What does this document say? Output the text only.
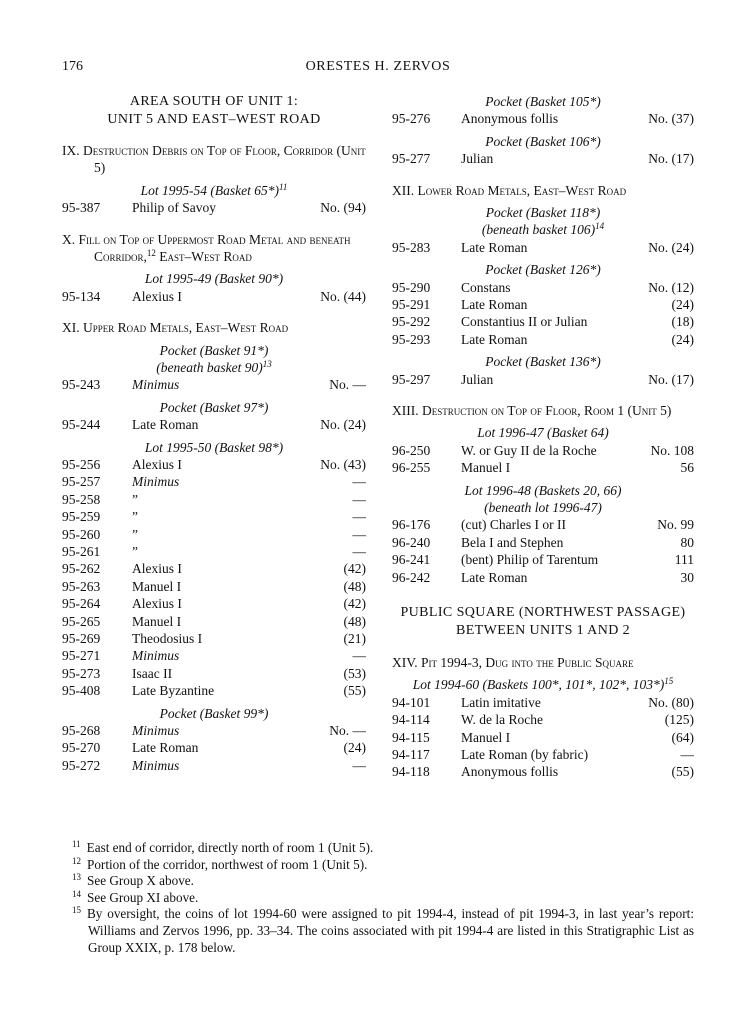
176	ORESTES H. ZERVOS
AREA SOUTH OF UNIT 1:
UNIT 5 AND EAST–WEST ROAD
IX. Destruction Debris on Top of Floor, Corridor (Unit 5)
Lot 1995-54 (Basket 65*)$^{11}$
95-387	Philip of Savoy	No. (94)
X. Fill on Top of Uppermost Road Metal and beneath Corridor,$^{12}$ East–West Road
Lot 1995-49 (Basket 90*)
95-134	Alexius I	No. (44)
XI. Upper Road Metals, East–West Road
Pocket (Basket 91*)
(beneath basket 90)$^{13}$
95-243	Minimus	No. —
Pocket (Basket 97*)
95-244	Late Roman	No. (24)
Lot 1995-50 (Basket 98*)
95-256	Alexius I	No. (43)
95-257	Minimus	—
95-258	”	—
95-259	”	—
95-260	”	—
95-261	”	—
95-262	Alexius I	(42)
95-263	Manuel I	(48)
95-264	Alexius I	(42)
95-265	Manuel I	(48)
95-269	Theodosius I	(21)
95-271	Minimus	—
95-273	Isaac II	(53)
95-408	Late Byzantine	(55)
Pocket (Basket 99*)
95-268	Minimus	No. —
95-270	Late Roman	(24)
95-272	Minimus	—
Pocket (Basket 105*)
95-276	Anonymous follis	No. (37)
Pocket (Basket 106*)
95-277	Julian	No. (17)
XII. Lower Road Metals, East–West Road
Pocket (Basket 118*)
(beneath basket 106)$^{14}$
95-283	Late Roman	No. (24)
Pocket (Basket 126*)
95-290	Constans	No. (12)
95-291	Late Roman	(24)
95-292	Constantius II or Julian	(18)
95-293	Late Roman	(24)
Pocket (Basket 136*)
95-297	Julian	No. (17)
XIII. Destruction on Top of Floor, Room 1 (Unit 5)
Lot 1996-47 (Basket 64)
96-250	W. or Guy II de la Roche	No. 108
96-255	Manuel I	56
Lot 1996-48 (Baskets 20, 66)
(beneath lot 1996-47)
96-176	(cut) Charles I or II	No. 99
96-240	Bela I and Stephen	80
96-241	(bent) Philip of Tarentum	111
96-242	Late Roman	30
PUBLIC SQUARE (NORTHWEST PASSAGE)
BETWEEN UNITS 1 AND 2
XIV. Pit 1994-3, Dug into the Public Square
Lot 1994-60 (Baskets 100*, 101*, 102*, 103*)$^{15}$
94-101	Latin imitative	No. (80)
94-114	W. de la Roche	(125)
94-115	Manuel I	(64)
94-117	Late Roman (by fabric)	—
94-118	Anonymous follis	(55)
$^{11}$ East end of corridor, directly north of room 1 (Unit 5).
$^{12}$ Portion of the corridor, northwest of room 1 (Unit 5).
$^{13}$ See Group X above.
$^{14}$ See Group XI above.
$^{15}$ By oversight, the coins of lot 1994-60 were assigned to pit 1994-4, instead of pit 1994-3, in last year’s report: Williams and Zervos 1996, pp. 33–34. The coins associated with pit 1994-4 are listed in this Stratigraphic List as Group XXIX, p. 178 below.
